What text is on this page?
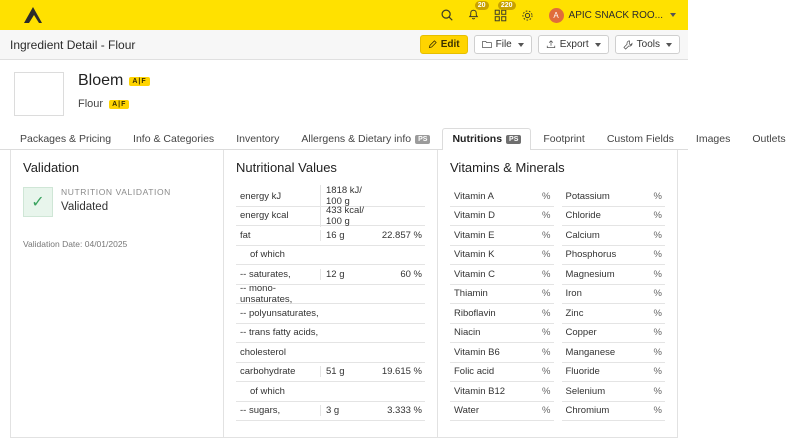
20	220
A APIC SNACK ROO...
Ingredient Detail - Flour	Edit	File	Export	Tools
Bloem	A|F
Flour	A|F
Packages & Pricing Info & Categories Inventory Allergens & Dietary info	PS Nutritions	PS Footprint Custom Fields Images Outlets
Validation
✓
NUTRITION VALIDATION
Validated
Validation Date: 04/01/2025
Nutritional Values
energy kJ	1818 kJ/ 100 g
energy kcal	433 kcal/ 100 g
fat	16 g	22.857 %
of which
-- saturates,	12 g	60 %
-- mono-unsaturates,
-- polyunsaturates,
-- trans fatty acids,
cholesterol
carbohydrate	51 g	19.615 %
of which
-- sugars,	3 g	3.333 %
Vitamins & Minerals
Vitamin A	%
Vitamin D	%
Vitamin E	%
Vitamin K	%
Vitamin C	%
Thiamin	%
Riboflavin	%
Niacin	%
Vitamin B6	%
Folic acid	%
Vitamin B12	%
Water	%
Potassium	%
Chloride	%
Calcium	%
Phosphorus	%
Magnesium	%
Iron	%
Zinc	%
Copper	%
Manganese	%
Fluoride	%
Selenium	%
Chromium	%
